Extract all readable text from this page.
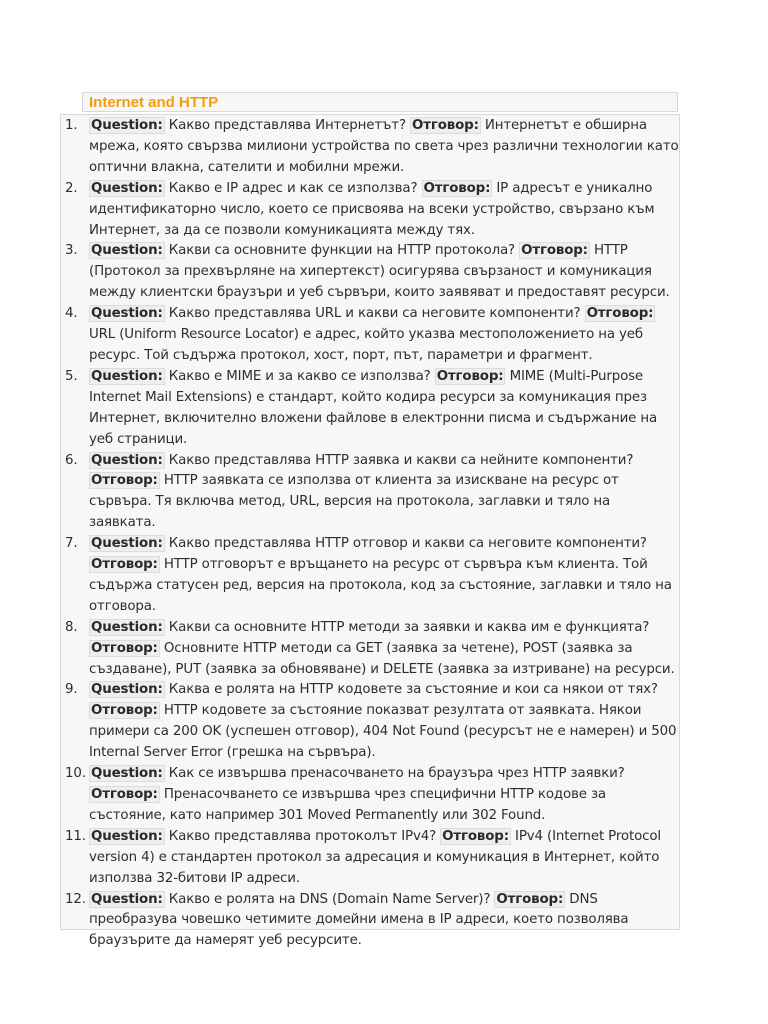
Internet and HTTP
1. Question: Какво представлява Интернетът? Отговор: Интернетът е обширна мрежа, която свързва милиони устройства по света чрез различни технологии като оптични влакна, сателити и мобилни мрежи.
2. Question: Какво е IP адрес и как се използва? Отговор: IP адресът е уникално идентификаторно число, което се присвоява на всеки устройство, свързано към Интернет, за да се позволи комуникацията между тях.
3. Question: Какви са основните функции на HTTP протокола? Отговор: HTTP (Протокол за прехвърляне на хипертекст) осигурява свързаност и комуникация между клиентски браузъри и уеб сървъри, които заявяват и предоставят ресурси.
4. Question: Какво представлява URL и какви са неговите компоненти? Отговор: URL (Uniform Resource Locator) е адрес, който указва местоположението на уеб ресурс. Той съдържа протокол, хост, порт, път, параметри и фрагмент.
5. Question: Какво е MIME и за какво се използва? Отговор: MIME (Multi-Purpose Internet Mail Extensions) е стандарт, който кодира ресурси за комуникация през Интернет, включително вложени файлове в електронни писма и съдържание на уеб страници.
6. Question: Какво представлява HTTP заявка и какви са нейните компоненти? Отговор: HTTP заявката се използва от клиента за изискване на ресурс от сървъра. Тя включва метод, URL, версия на протокола, заглавки и тяло на заявката.
7. Question: Какво представлява HTTP отговор и какви са неговите компоненти? Отговор: HTTP отговорът е връщането на ресурс от сървъра към клиента. Той съдържа статусен ред, версия на протокола, код за състояние, заглавки и тяло на отговора.
8. Question: Какви са основните HTTP методи за заявки и каква им е функцията? Отговор: Основните HTTP методи са GET (заявка за четене), POST (заявка за създаване), PUT (заявка за обновяване) и DELETE (заявка за изтриване) на ресурси.
9. Question: Каква е ролята на HTTP кодовете за състояние и кои са някои от тях? Отговор: HTTP кодовете за състояние показват резултата от заявката. Някои примери са 200 OK (успешен отговор), 404 Not Found (ресурсът не е намерен) и 500 Internal Server Error (грешка на сървъра).
10. Question: Как се извършва пренасочването на браузъра чрез HTTP заявки? Отговор: Пренасочването се извършва чрез специфични HTTP кодове за състояние, като например 301 Moved Permanently или 302 Found.
11. Question: Какво представлява протоколът IPv4? Отговор: IPv4 (Internet Protocol version 4) е стандартен протокол за адресация и комуникация в Интернет, който използва 32-битови IP адреси.
12. Question: Какво е ролята на DNS (Domain Name Server)? Отговор: DNS преобразува човешко четимите домейни имена в IP адреси, което позволява браузърите да намерят уеб ресурсите.
